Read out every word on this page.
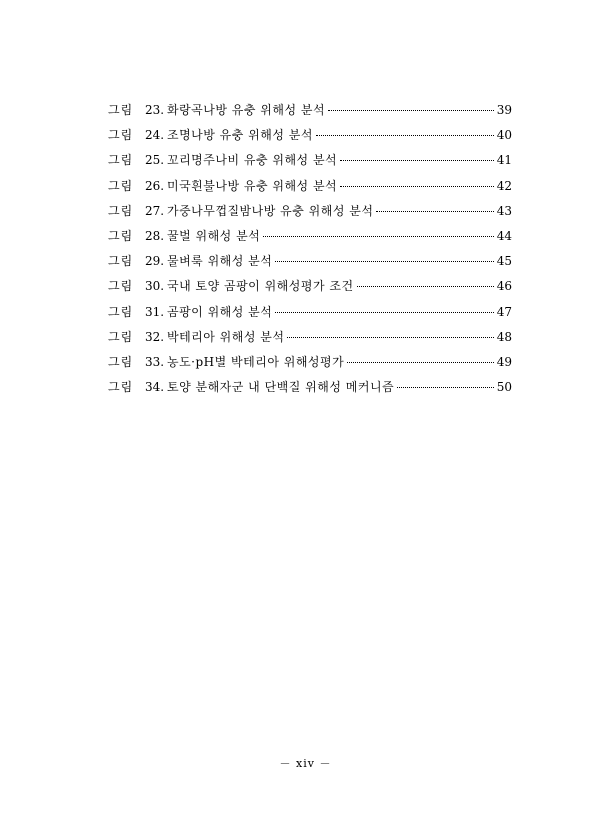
그림 23. 화랑곡나방 유충 위해성 분석	39
그림 24. 조명나방 유충 위해성 분석	40
그림 25. 꼬리명주나비 유충 위해성 분석	41
그림 26. 미국흰불나방 유충 위해성 분석	42
그림 27. 가중나무껍질밤나방 유충 위해성 분석	43
그림 28. 꿀벌 위해성 분석	44
그림 29. 물벼룩 위해성 분석	45
그림 30. 국내 토양 곰팡이 위해성평가 조건	46
그림 31. 곰팡이 위해성 분석	47
그림 32. 박테리아 위해성 분석	48
그림 33. 농도·pH별 박테리아 위해성평가	49
그림 34. 토양 분해자군 내 단백질 위해성 메커니즘	50
－ xiv －
